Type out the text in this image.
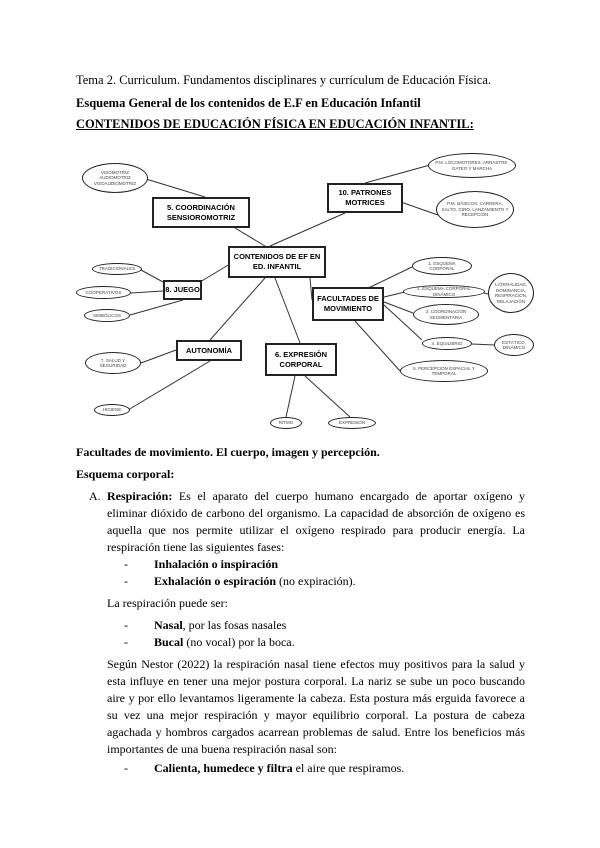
Tema 2. Curriculum. Fundamentos disciplinares y currículum de Educación Física.
Esquema General de los contenidos de E.F en Educación Infantil
CONTENIDOS DE EDUCACIÓN FÍSICA EN EDUCACIÓN INFANTIL:
VISOMOTRIZ AUDIOMOTRIZ VISOAUDIOMOTRIZ
5. COORDINACIÓN SENSIOROMOTRIZ
10. PATRONES MOTRICES
P.M. LOCOMOTORES: ARRASTRE, GATEO Y MARCHA
P.M. BÁSICOS: CARRERA, SALTO, GIRO, LANZAMIENTO Y RECEPCIÓN
CONTENIDOS DE EF EN ED. INFANTIL
8. JUEGO
TRADICIONALES
COOPERATIVOS
SIMBÓLICOS
FACULTADES DE MOVIMIENTO
1. ESQUEMA CORPORAL
2. ESQUEMA CORPORAL DINÁMICO
LATERALIDAD, DOMINANCIA, RESPIRACIÓN, RELAJACIÓN
3. COORDINACIÓN SEGMENTARIA
4. EQUILIBRIO	ESTÁTICO, DINÁMICO
5. PERCEPCIÓN ESPACIAL Y TEMPORAL
AUTONOMÍA
7. SALUD Y SEGURIDAD
HIGIENE
6. EXPRESIÓN CORPORAL
RITMO	EXPRESIÓN

Facultades de movimiento. El cuerpo, imagen y percepción.

Esquema corporal:

A. Respiración: Es el aparato del cuerpo humano encargado de aportar oxígeno y eliminar dióxido de carbono del organismo. La capacidad de absorción de oxígeno es aquella que nos permite utilizar el oxígeno respirado para producir energía. La respiración tiene las siguientes fases:
- Inhalación o inspiración
- Exhalación o espiración (no expiración).
La respiración puede ser:
- Nasal, por las fosas nasales
- Bucal (no vocal) por la boca.
Según Nestor (2022) la respiración nasal tiene efectos muy positivos para la salud y esta influye en tener una mejor postura corporal. La nariz se sube un poco buscando aire y por ello levantamos ligeramente la cabeza. Esta postura más erguida favorece a su vez una mejor respiración y mayor equilibrio corporal. La postura de cabeza agachada y hombros cargados acarrean problemas de salud. Entre los beneficios más importantes de una buena respiración nasal son:
- Calienta, humedece y filtra el aire que respiramos.
